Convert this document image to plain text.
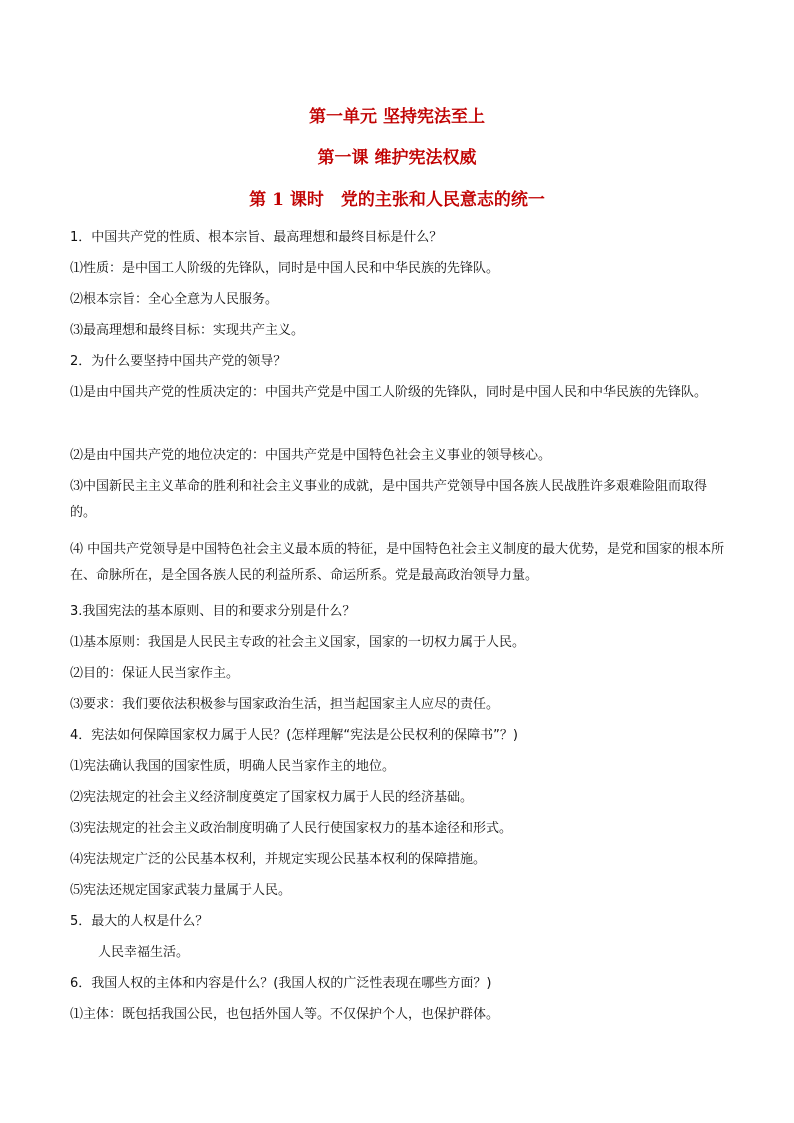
第一单元 坚持宪法至上
第一课 维护宪法权威
第 1 课时　党的主张和人民意志的统一
1．中国共产党的性质、根本宗旨、最高理想和最终目标是什么？
⑴性质：是中国工人阶级的先锋队，同时是中国人民和中华民族的先锋队。
⑵根本宗旨：全心全意为人民服务。
⑶最高理想和最终目标：实现共产主义。
2．为什么要坚持中国共产党的领导？
⑴是由中国共产党的性质决定的：中国共产党是中国工人阶级的先锋队，同时是中国人民和中华民族的先锋队。
⑵是由中国共产党的地位决定的：中国共产党是中国特色社会主义事业的领导核心。
⑶中国新民主主义革命的胜利和社会主义事业的成就，是中国共产党领导中国各族人民战胜许多艰难险阻而取得的。
⑷ 中国共产党领导是中国特色社会主义最本质的特征，是中国特色社会主义制度的最大优势，是党和国家的根本所在、命脉所在，是全国各族人民的利益所系、命运所系。党是最高政治领导力量。
3.我国宪法的基本原则、目的和要求分别是什么？
⑴基本原则：我国是人民民主专政的社会主义国家，国家的一切权力属于人民。
⑵目的：保证人民当家作主。
⑶要求：我们要依法积极参与国家政治生活，担当起国家主人应尽的责任。
4．宪法如何保障国家权力属于人民？(怎样理解“宪法是公民权利的保障书”？)
⑴宪法确认我国的国家性质，明确人民当家作主的地位。
⑵宪法规定的社会主义经济制度奠定了国家权力属于人民的经济基础。
⑶宪法规定的社会主义政治制度明确了人民行使国家权力的基本途径和形式。
⑷宪法规定广泛的公民基本权利，并规定实现公民基本权利的保障措施。
⑸宪法还规定国家武装力量属于人民。
5．最大的人权是什么？
人民幸福生活。
6．我国人权的主体和内容是什么？(我国人权的广泛性表现在哪些方面？)
⑴主体：既包括我国公民，也包括外国人等。不仅保护个人，也保护群体。
